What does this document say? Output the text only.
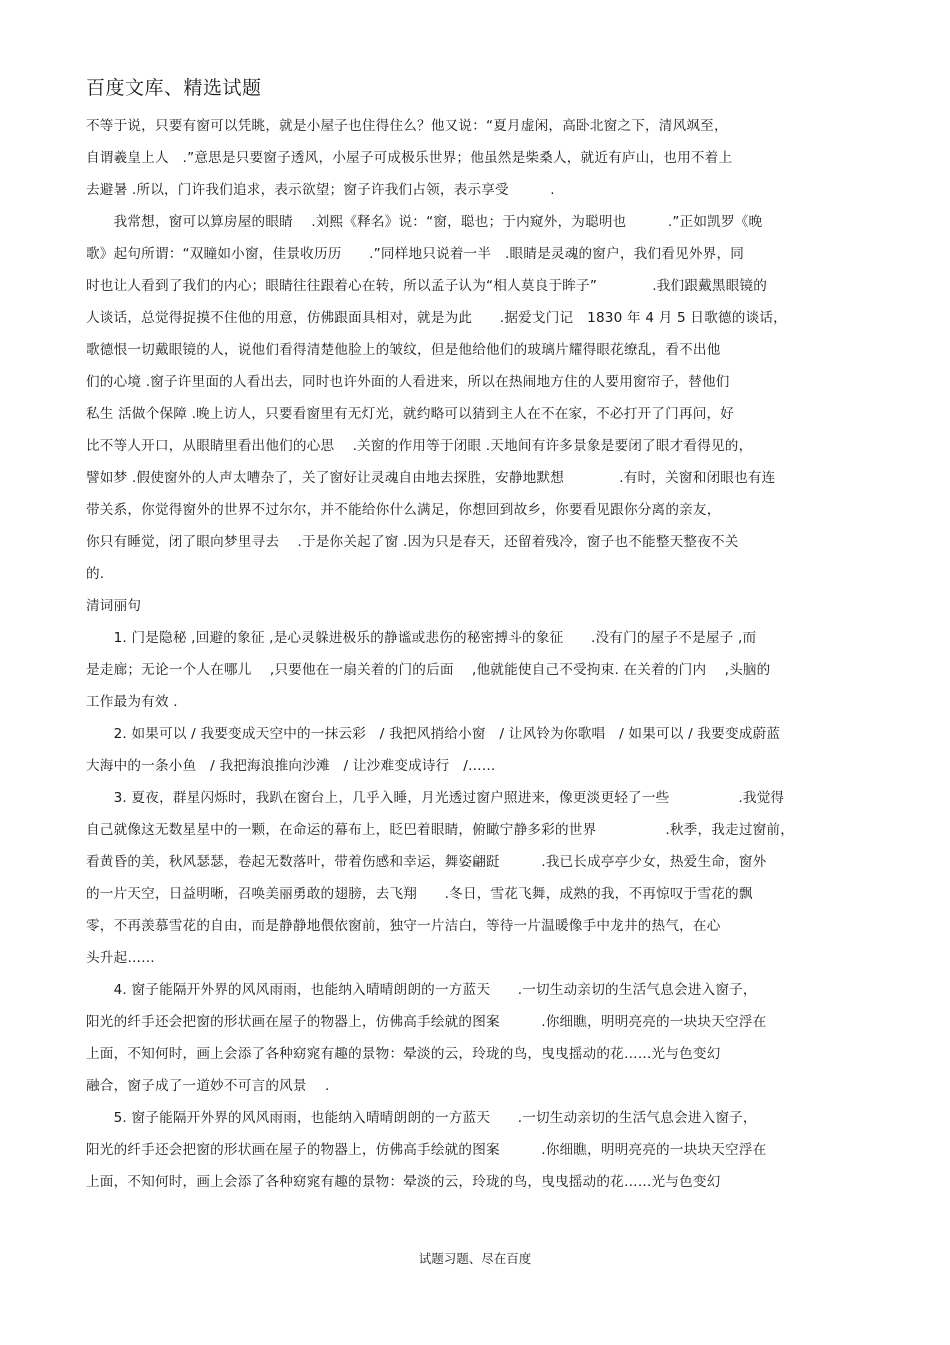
百度文库、精选试题
不等于说，只要有窗可以凭眺，就是小屋子也住得住么？他又说：“夏月虚闲，高卧北窗之下，清风飒至，
自谓羲皇上人　.”意思是只要窗子透风，小屋子可成极乐世界；他虽然是柴桑人，就近有庐山，也用不着上
去避暑 .所以，门许我们追求，表示欲望；窗子许我们占领，表示享受　　　.
　　我常想，窗可以算房屋的眼睛　 .刘熙《释名》说：“窗，聪也；于内窥外，为聪明也　　　.”正如凯罗《晚
歌》起句所谓：“双瞳如小窗，佳景收历历　　.”同样地只说着一半　.眼睛是灵魂的窗户，我们看见外界，同
时也让人看到了我们的内心；眼睛往往跟着心在转，所以孟子认为“相人莫良于眸子”　　　　.我们跟戴黑眼镜的
人谈话，总觉得捉摸不住他的用意，仿佛跟面具相对，就是为此　　.据爱戈门记　1830 年 4 月 5 日歌德的谈话，
歌德恨一切戴眼镜的人，说他们看得清楚他脸上的皱纹，但是他给他们的玻璃片耀得眼花缭乱，看不出他
们的心境 .窗子许里面的人看出去，同时也许外面的人看进来，所以在热闹地方住的人要用窗帘子，替他们
私生 活做个保障 .晚上访人，只要看窗里有无灯光，就约略可以猜到主人在不在家，不必打开了门再问，好
比不等人开口，从眼睛里看出他们的心思　 .关窗的作用等于闭眼 .天地间有许多景象是要闭了眼才看得见的，
譬如梦 .假使窗外的人声太嘈杂了，关了窗好让灵魂自由地去探胜，安静地默想　　　　.有时，关窗和闭眼也有连
带关系，你觉得窗外的世界不过尔尔，并不能给你什么满足，你想回到故乡，你要看见跟你分离的亲友，
你只有睡觉，闭了眼向梦里寻去　 .于是你关起了窗 .因为只是春天，还留着残冷，窗子也不能整天整夜不关
的.
清词丽句
　　1. 门是隐秘 ,回避的象征 ,是心灵躲进极乐的静谧或悲伤的秘密搏斗的象征　　.没有门的屋子不是屋子 ,而
是走廊；无论一个人在哪儿　 ,只要他在一扇关着的门的后面　 ,他就能使自己不受拘束. 在关着的门内　 ,头脑的
工作最为有效 .
　　2. 如果可以 / 我要变成天空中的一抹云彩　/ 我把风捎给小窗　/ 让风铃为你歌唱　/ 如果可以 / 我要变成蔚蓝
大海中的一条小鱼　/ 我把海浪推向沙滩　/ 让沙难变成诗行　/……
　　3. 夏夜，群星闪烁时，我趴在窗台上，几乎入睡，月光透过窗户照进来，像更淡更轻了一些　　　　　.我觉得
自己就像这无数星星中的一颗，在命运的幕布上，眨巴着眼睛，俯瞰宁静多彩的世界　　　　　.秋季，我走过窗前，
看黄昏的美，秋风瑟瑟，卷起无数落叶，带着伤感和幸运，舞姿翩跹　　　.我已长成亭亭少女，热爱生命，窗外
的一片天空，日益明晰，召唤美丽勇敢的翅膀，去飞翔　　.冬日，雪花飞舞，成熟的我，不再惊叹于雪花的飘
零，不再羡慕雪花的自由，而是静静地偎依窗前，独守一片洁白，等待一片温暖像手中龙井的热气，在心
头升起……
　　4. 窗子能隔开外界的风风雨雨，也能纳入晴晴朗朗的一方蓝天　　.一切生动亲切的生活气息会进入窗子，
阳光的纤手还会把窗的形状画在屋子的物器上，仿佛高手绘就的图案　　　.你细瞧，明明亮亮的一块块天空浮在
上面，不知何时，画上会添了各种窈窕有趣的景物：晕淡的云，玲珑的鸟，曳曳摇动的花……光与色变幻
融合，窗子成了一道妙不可言的风景　 .
　　5. 窗子能隔开外界的风风雨雨，也能纳入晴晴朗朗的一方蓝天　　.一切生动亲切的生活气息会进入窗子，
阳光的纤手还会把窗的形状画在屋子的物器上，仿佛高手绘就的图案　　　.你细瞧，明明亮亮的一块块天空浮在
上面，不知何时，画上会添了各种窈窕有趣的景物：晕淡的云，玲珑的鸟，曳曳摇动的花……光与色变幻
试题习题、尽在百度
